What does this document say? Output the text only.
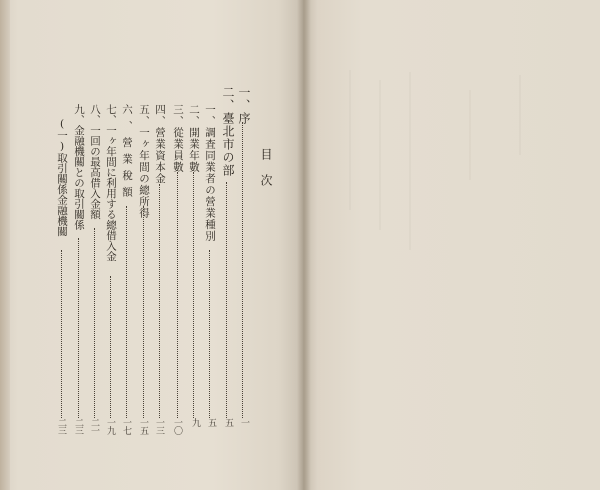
目次
一、序
一
二、臺北市の部
五
一、調査同業者の營業種別
五
二、開業年數
九
三、從業員數
一〇
四、營業資本金
一三
五、一ヶ年間の總所得
一五
六、營業稅額
一七
七、一ヶ年間に利用する總借入金
一九
八、一回の最高借入金額
二一
九、金融機關との取引關係
二三
(一)取引關係金融機關
二三
